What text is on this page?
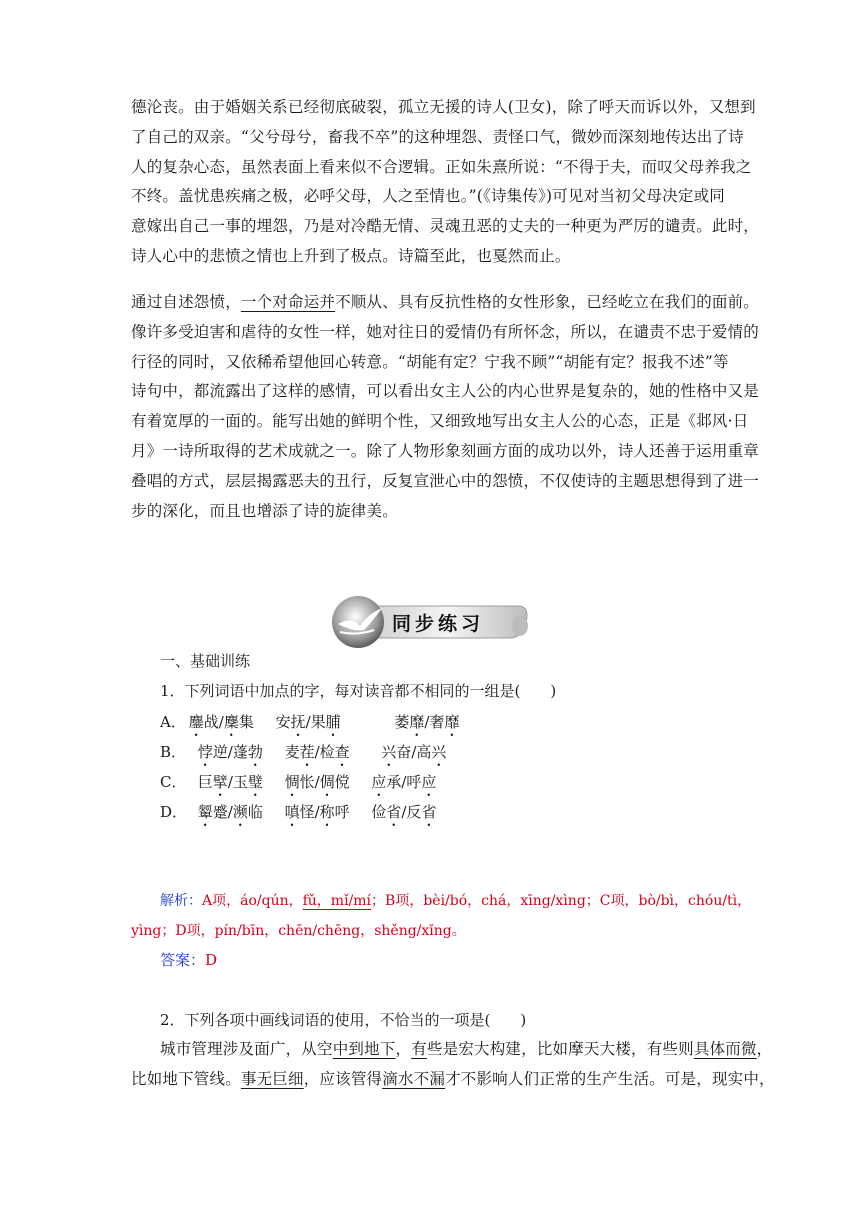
德沦丧。由于婚姻关系已经彻底破裂，孤立无援的诗人(卫女)，除了呼天而诉以外，又想到
了自己的双亲。“父兮母兮，畜我不卒”的这种埋怨、责怪口气，微妙而深刻地传达出了诗
人的复杂心态，虽然表面上看来似不合逻辑。正如朱熹所说：“不得于夫，而叹父母养我之
不终。盖忧患疾痛之极，必呼父母，人之至情也。”(《诗集传》)可见对当初父母决定或同
意嫁出自己一事的埋怨，乃是对冷酷无情、灵魂丑恶的丈夫的一种更为严厉的谴责。此时，
诗人心中的悲愤之情也上升到了极点。诗篇至此，也戛然而止。
通过自述怨愤，一个对命运并不顺从、具有反抗性格的女性形象，已经屹立在我们的面前。
像许多受迫害和虐待的女性一样，她对往日的爱情仍有所怀念，所以，在谴责不忠于爱情的
行径的同时，又依稀希望他回心转意。“胡能有定？宁我不顾”“胡能有定？报我不述”等
诗句中，都流露出了这样的感情，可以看出女主人公的内心世界是复杂的，她的性格中又是
有着宽厚的一面的。能写出她的鲜明个性，又细致地写出女主人公的心态，正是《邶风·日
月》一诗所取得的艺术成就之一。除了人物形象刻画方面的成功以外，诗人还善于运用重章
叠唱的方式，层层揭露恶夫的丑行，反复宣泄心中的怨愤，不仅使诗的主题思想得到了进一
步的深化，而且也增添了诗的旋律美。
同步练习
一、基础训练
1．下列词语中加点的字，每对读音都不相同的一组是(　　)
A． 鏖战/麇集 安抚/果脯	萎靡/奢靡
B． 悖逆/蓬勃 麦茬/检查 兴奋/高兴
C． 巨擘/玉璧 惆怅/倜傥 应承/呼应
D． 颦蹙/濒临 嗔怪/称呼 俭省/反省
解析：A项，áo/qún，fǔ，mǐ/mí；B项，bèi/bó，chá，xīng/xìng；C项，bò/bì，chóu/tì，
yìng；D项，pín/bīn，chēn/chēng，shěng/xǐng。
答案：D
2．下列各项中画线词语的使用，不恰当的一项是(　　)
城市管理涉及面广，从空中到地下，有些是宏大构建，比如摩天大楼，有些则具体而微，
比如地下管线。事无巨细，应该管得滴水不漏才不影响人们正常的生产生活。可是，现实中，
